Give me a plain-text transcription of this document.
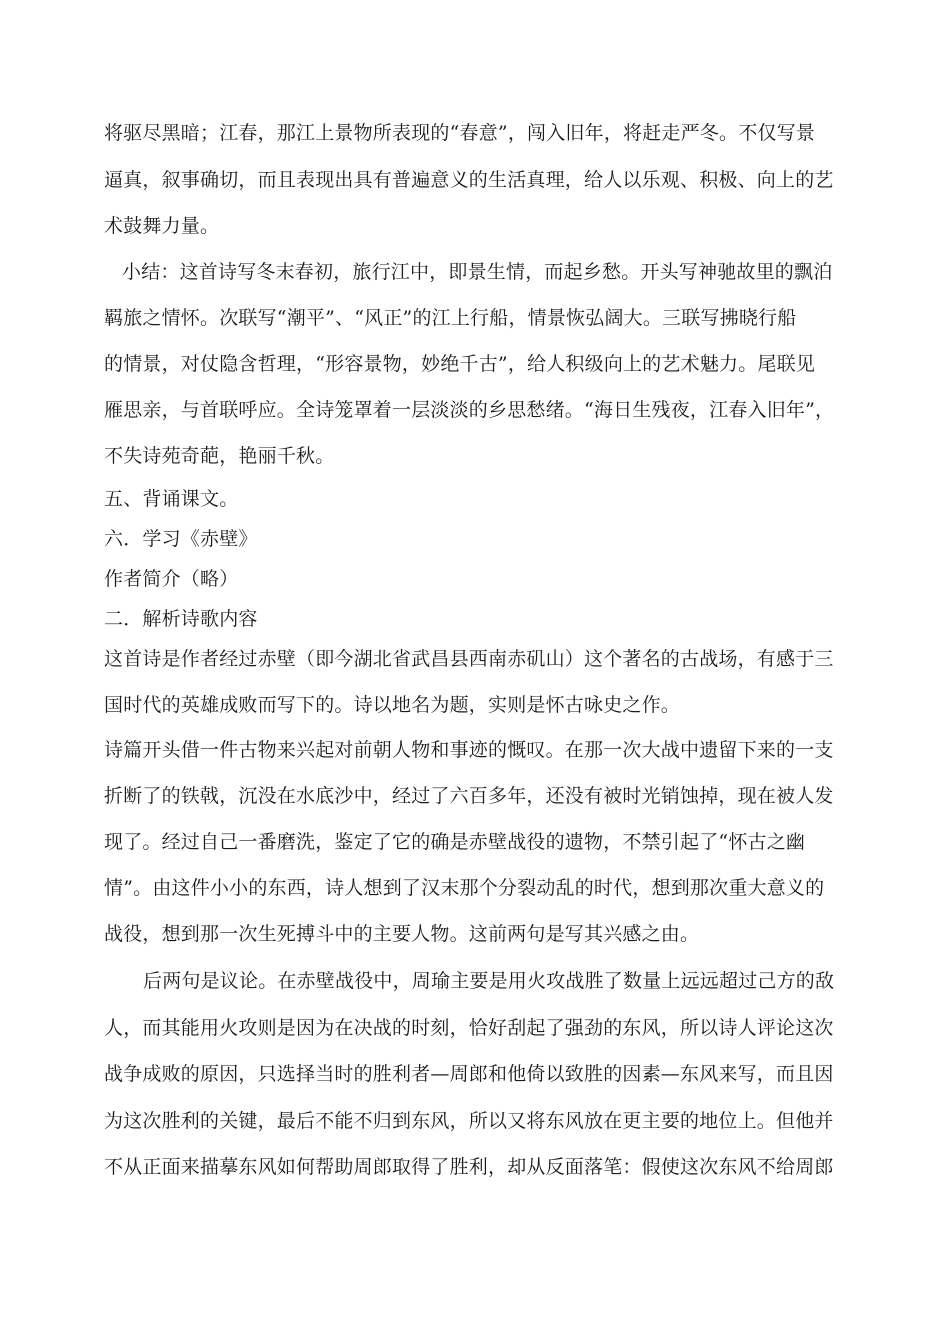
将驱尽黑暗；江春，那江上景物所表现的“春意”，闯入旧年，将赶走严冬。不仅写景
逼真，叙事确切，而且表现出具有普遍意义的生活真理，给人以乐观、积极、向上的艺
术鼓舞力量。
小结：这首诗写冬末春初，旅行江中，即景生情，而起乡愁。开头写神驰故里的飘泊
羁旅之情怀。次联写“潮平”、“风正”的江上行船，情景恢弘阔大。三联写拂晓行船
的情景，对仗隐含哲理，“形容景物，妙绝千古”，给人积级向上的艺术魅力。尾联见
雁思亲，与首联呼应。全诗笼罩着一层淡淡的乡思愁绪。“海日生残夜，江春入旧年”，
不失诗苑奇葩，艳丽千秋。
五、背诵课文。
六．学习《赤壁》
作者简介（略）
二．解析诗歌内容
这首诗是作者经过赤壁（即今湖北省武昌县西南赤矶山）这个著名的古战场，有感于三
国时代的英雄成败而写下的。诗以地名为题，实则是怀古咏史之作。
诗篇开头借一件古物来兴起对前朝人物和事迹的慨叹。在那一次大战中遗留下来的一支
折断了的铁戟，沉没在水底沙中，经过了六百多年，还没有被时光销蚀掉，现在被人发
现了。经过自己一番磨洗，鉴定了它的确是赤壁战役的遗物，不禁引起了“怀古之幽
情”。由这件小小的东西，诗人想到了汉末那个分裂动乱的时代，想到那次重大意义的
战役，想到那一次生死搏斗中的主要人物。这前两句是写其兴感之由。
后两句是议论。在赤壁战役中，周瑜主要是用火攻战胜了数量上远远超过己方的敌
人，而其能用火攻则是因为在决战的时刻，恰好刮起了强劲的东风，所以诗人评论这次
战争成败的原因，只选择当时的胜利者—周郎和他倚以致胜的因素—东风来写，而且因
为这次胜利的关键，最后不能不归到东风，所以又将东风放在更主要的地位上。但他并
不从正面来描摹东风如何帮助周郎取得了胜利，却从反面落笔：假使这次东风不给周郎
